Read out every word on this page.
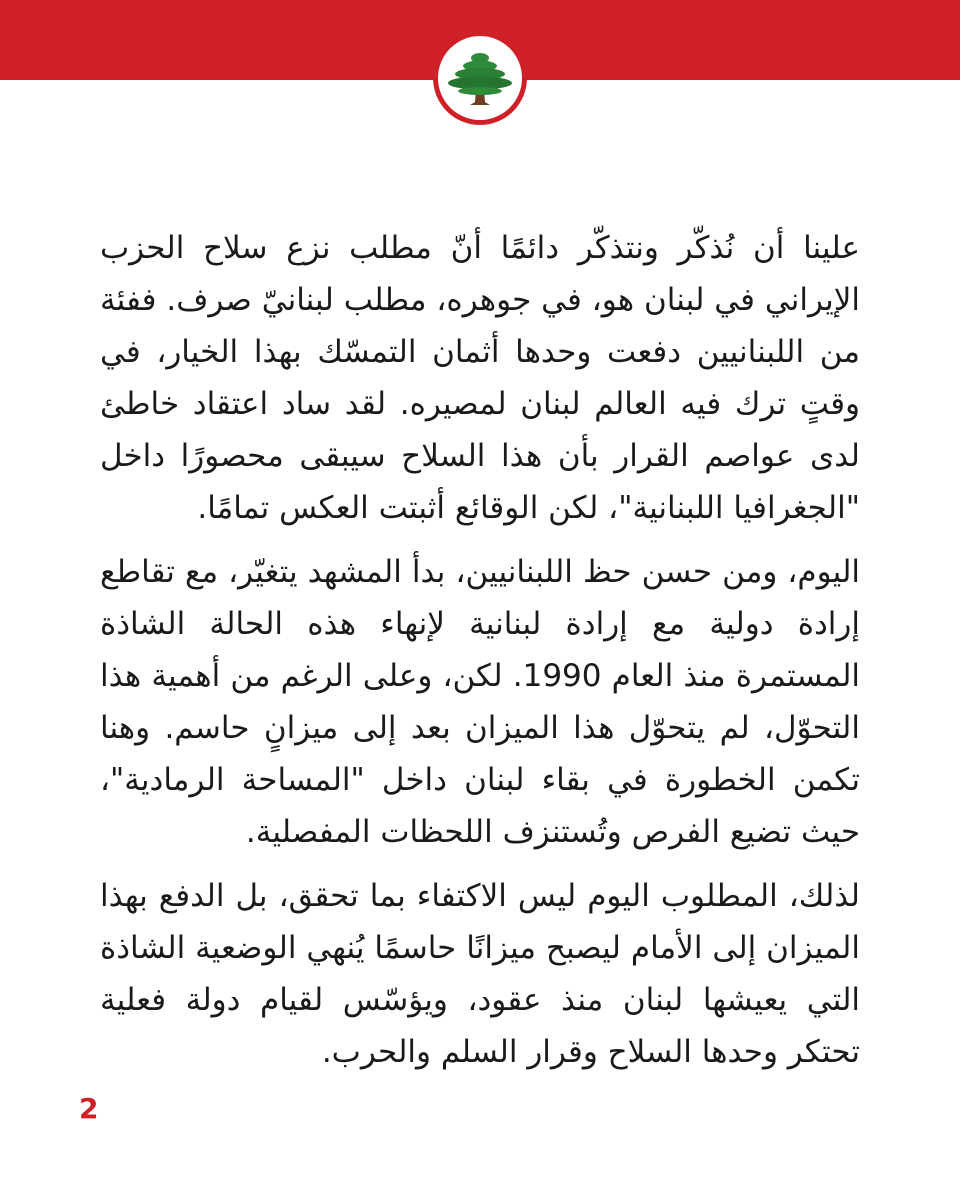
علينا أن نُذكّر ونتذكّر دائمًا أنّ مطلب نزع سلاح الحزب الإيراني في لبنان هو، في جوهره، مطلب لبنانيّ صرف. ففئة من اللبنانيين دفعت وحدها أثمان التمسّك بهذا الخيار، في وقتٍ ترك فيه العالم لبنان لمصيره. لقد ساد اعتقاد خاطئ لدى عواصم القرار بأن هذا السلاح سيبقى محصورًا داخل "الجغرافيا اللبنانية"، لكن الوقائع أثبتت العكس تمامًا.

اليوم، ومن حسن حظ اللبنانيين، بدأ المشهد يتغيّر، مع تقاطع إرادة دولية مع إرادة لبنانية لإنهاء هذه الحالة الشاذة المستمرة منذ العام 1990. لكن، وعلى الرغم من أهمية هذا التحوّل، لم يتحوّل هذا الميزان بعد إلى ميزانٍ حاسم. وهنا تكمن الخطورة في بقاء لبنان داخل "المساحة الرمادية"، حيث تضيع الفرص وتُستنزف اللحظات المفصلية.

لذلك، المطلوب اليوم ليس الاكتفاء بما تحقق، بل الدفع بهذا الميزان إلى الأمام ليصبح ميزانًا حاسمًا يُنهي الوضعية الشاذة التي يعيشها لبنان منذ عقود، ويؤسّس لقيام دولة فعلية تحتكر وحدها السلاح وقرار السلم والحرب.

2
